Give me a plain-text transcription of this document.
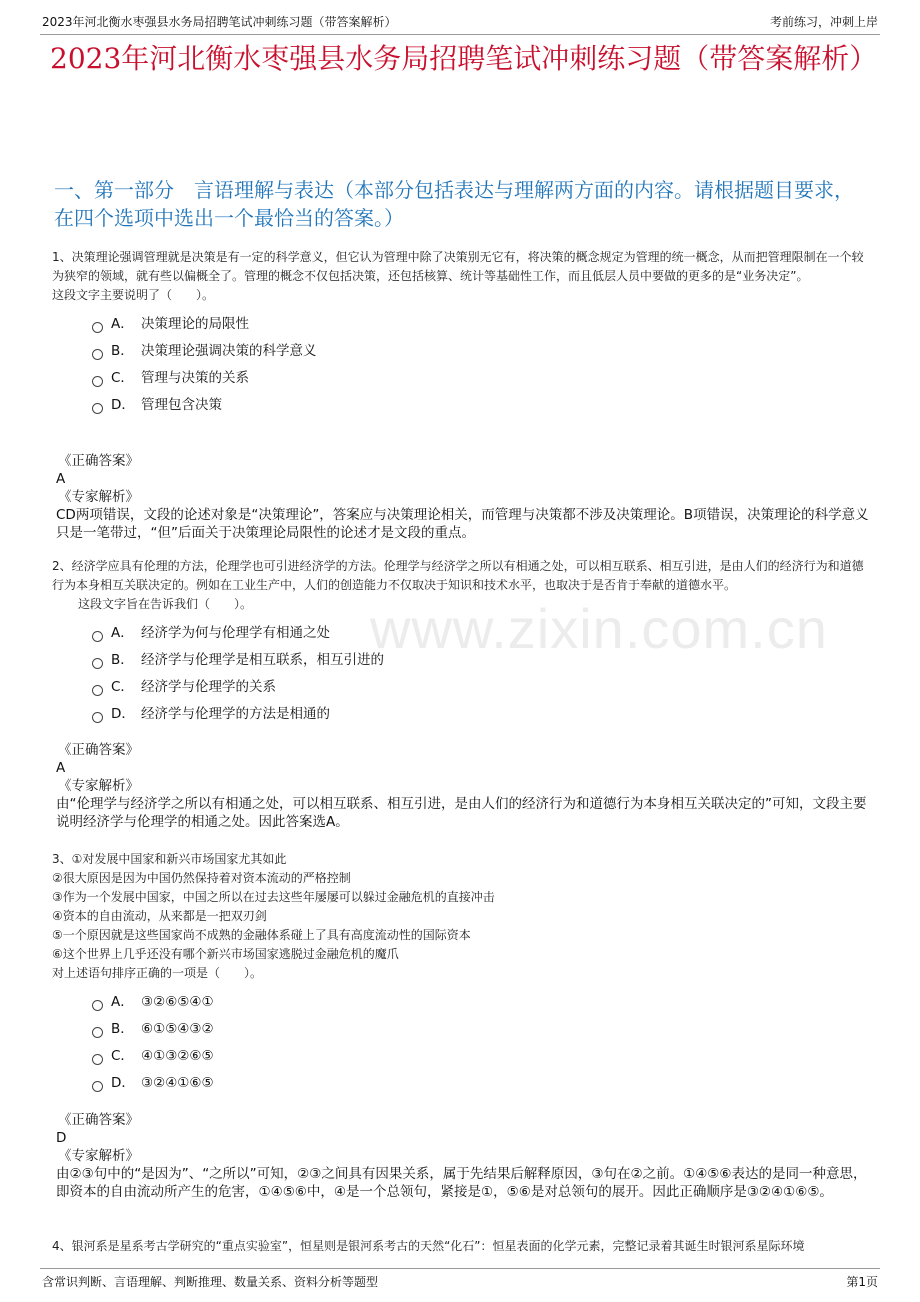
2023年河北衡水枣强县水务局招聘笔试冲刺练习题（带答案解析）	考前练习，冲刺上岸
2023年河北衡水枣强县水务局招聘笔试冲刺练习题（带答案解析）
一、第一部分　言语理解与表达（本部分包括表达与理解两方面的内容。请根据题目要求，在四个选项中选出一个最恰当的答案。）
www.zixin.com.cn

1、决策理论强调管理就是决策是有一定的科学意义，但它认为管理中除了决策别无它有，将决策的概念规定为管理的统一概念，从而把管理限制在一个较为狭窄的领域，就有些以偏概全了。管理的概念不仅包括决策，还包括核算、统计等基础性工作，而且低层人员中要做的更多的是“业务决定”。

这段文字主要说明了（　　）。

A． 决策理论的局限性
B． 决策理论强调决策的科学意义
C． 管理与决策的关系
D． 管理包含决策

《正确答案》

A

《专家解析》

CD两项错误，文段的论述对象是“决策理论”，答案应与决策理论相关，而管理与决策都不涉及决策理论。B项错误，决策理论的科学意义只是一笔带过，“但”后面关于决策理论局限性的论述才是文段的重点。

2、经济学应具有伦理的方法，伦理学也可引进经济学的方法。伦理学与经济学之所以有相通之处，可以相互联系、相互引进，是由人们的经济行为和道德行为本身相互关联决定的。例如在工业生产中，人们的创造能力不仅取决于知识和技术水平，也取决于是否肯于奉献的道德水平。

这段文字旨在告诉我们（　　）。

A． 经济学为何与伦理学有相通之处
B． 经济学与伦理学是相互联系，相互引进的
C． 经济学与伦理学的关系
D． 经济学与伦理学的方法是相通的

《正确答案》

A

《专家解析》

由“伦理学与经济学之所以有相通之处，可以相互联系、相互引进，是由人们的经济行为和道德行为本身相互关联决定的”可知，文段主要说明经济学与伦理学的相通之处。因此答案选A。

3、①对发展中国家和新兴市场国家尤其如此

②很大原因是因为中国仍然保持着对资本流动的严格控制

③作为一个发展中国家，中国之所以在过去这些年屡屡可以躲过金融危机的直接冲击

④资本的自由流动，从来都是一把双刃剑

⑤一个原因就是这些国家尚不成熟的金融体系碰上了具有高度流动性的国际资本

⑥这个世界上几乎还没有哪个新兴市场国家逃脱过金融危机的魔爪

对上述语句排序正确的一项是（　　）。

A． ③②⑥⑤④①
B． ⑥①⑤④③②
C． ④①③②⑥⑤
D． ③②④①⑥⑤

《正确答案》

D

《专家解析》

由②③句中的“是因为”、“之所以”可知，②③之间具有因果关系，属于先结果后解释原因，③句在②之前。①④⑤⑥表达的是同一种意思，即资本的自由流动所产生的危害，①④⑤⑥中，④是一个总领句，紧接是①，⑤⑥是对总领句的展开。因此正确顺序是③②④①⑥⑤。

4、银河系是星系考古学研究的“重点实验室”，恒星则是银河系考古的天然“化石”：恒星表面的化学元素，完整记录着其诞生时银河系星际环境

含常识判断、言语理解、判断推理、数量关系、资料分析等题型	第1页
